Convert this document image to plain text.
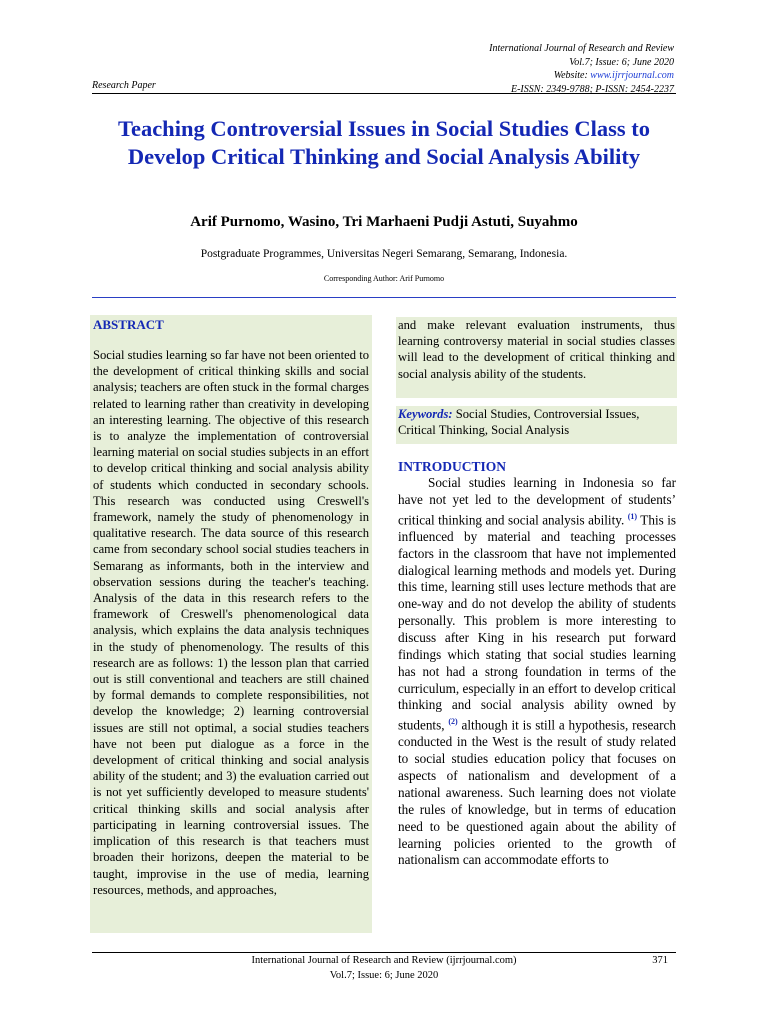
International Journal of Research and Review
Vol.7; Issue: 6; June 2020
Website: www.ijrrjournal.com
E-ISSN: 2349-9788; P-ISSN: 2454-2237
Research Paper
Teaching Controversial Issues in Social Studies Class to Develop Critical Thinking and Social Analysis Ability
Arif Purnomo, Wasino, Tri Marhaeni Pudji Astuti, Suyahmo
Postgraduate Programmes, Universitas Negeri Semarang, Semarang, Indonesia.
Corresponding Author: Arif Purnomo
ABSTRACT
Social studies learning so far have not been oriented to the development of critical thinking skills and social analysis; teachers are often stuck in the formal charges related to learning rather than creativity in developing an interesting learning. The objective of this research is to analyze the implementation of controversial learning material on social studies subjects in an effort to develop critical thinking and social analysis ability of students which conducted in secondary schools. This research was conducted using Creswell's framework, namely the study of phenomenology in qualitative research. The data source of this research came from secondary school social studies teachers in Semarang as informants, both in the interview and observation sessions during the teacher's teaching. Analysis of the data in this research refers to the framework of Creswell's phenomenological data analysis, which explains the data analysis techniques in the study of phenomenology. The results of this research are as follows: 1) the lesson plan that carried out is still conventional and teachers are still chained by formal demands to complete responsibilities, not develop the knowledge; 2) learning controversial issues are still not optimal, a social studies teachers have not been put dialogue as a force in the development of critical thinking and social analysis ability of the student; and 3) the evaluation carried out is not yet sufficiently developed to measure students' critical thinking skills and social analysis after participating in learning controversial issues. The implication of this research is that teachers must broaden their horizons, deepen the material to be taught, improvise in the use of media, learning resources, methods, and approaches,
and make relevant evaluation instruments, thus learning controversy material in social studies classes will lead to the development of critical thinking and social analysis ability of the students.
Keywords: Social Studies, Controversial Issues, Critical Thinking, Social Analysis
INTRODUCTION
Social studies learning in Indonesia so far have not yet led to the development of students’ critical thinking and social analysis ability. $^{(1)}$ This is influenced by material and teaching processes factors in the classroom that have not implemented dialogical learning methods and models yet. During this time, learning still uses lecture methods that are one-way and do not develop the ability of students personally. This problem is more interesting to discuss after King in his research put forward findings which stating that social studies learning has not had a strong foundation in terms of the curriculum, especially in an effort to develop critical thinking and social analysis ability owned by students, $^{(2)}$ although it is still a hypothesis, research conducted in the West is the result of study related to social studies education policy that focuses on aspects of nationalism and development of a national awareness. Such learning does not violate the rules of knowledge, but in terms of education need to be questioned again about the ability of learning policies oriented to the growth of nationalism can accommodate efforts to
International Journal of Research and Review (ijrrjournal.com)
Vol.7; Issue: 6; June 2020
371
